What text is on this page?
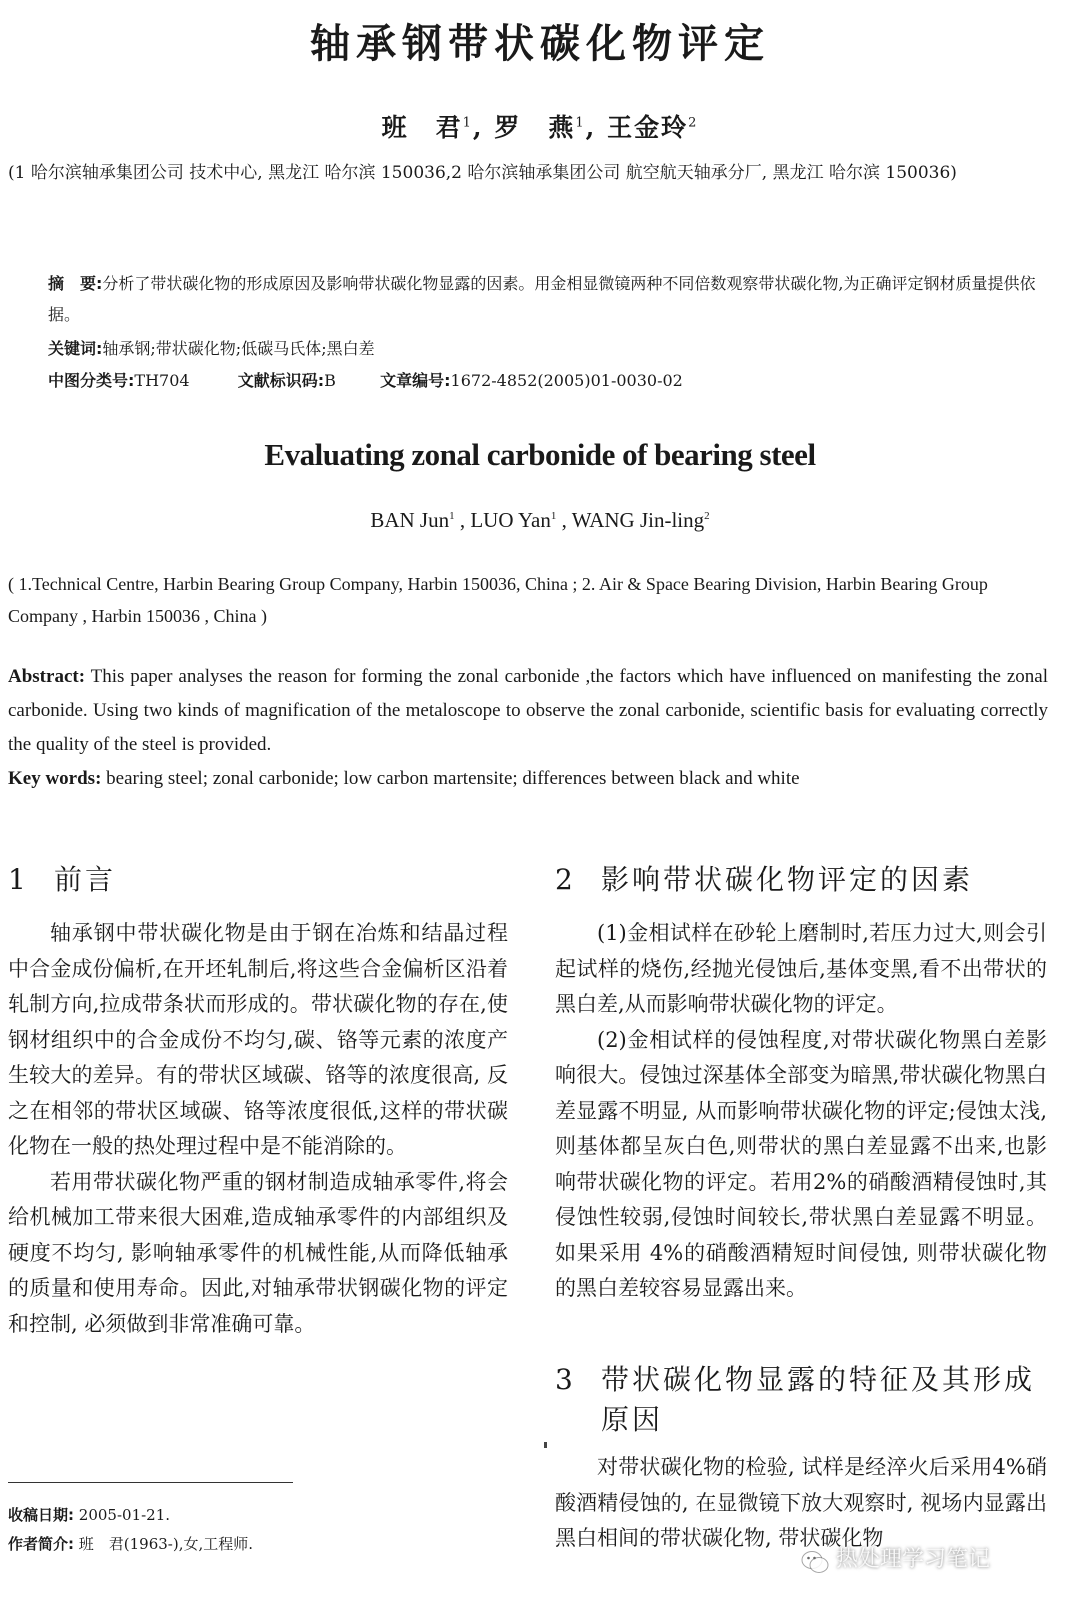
轴承钢带状碳化物评定
班　君$^1$, 罗　燕$^1$, 王金玲$^2$
(1 哈尔滨轴承集团公司 技术中心, 黑龙江 哈尔滨 150036,2 哈尔滨轴承集团公司 航空航天轴承分厂, 黑龙江 哈尔滨 150036)
摘　要:分析了带状碳化物的形成原因及影响带状碳化物显露的因素。用金相显微镜两种不同倍数观察带状碳化物,为正确评定钢材质量提供依据。
关键词:轴承钢;带状碳化物;低碳马氏体;黑白差
中图分类号:TH704	文献标识码:B	文章编号:1672-4852(2005)01-0030-02
Evaluating zonal carbonide of bearing steel
BAN Jun$^1$ , LUO Yan$^1$ , WANG Jin-ling$^2$
( 1.Technical Centre, Harbin Bearing Group Company, Harbin 150036, China ; 2. Air & Space Bearing Division, Harbin Bearing Group Company , Harbin 150036 , China )
Abstract: This paper analyses the reason for forming the zonal carbonide ,the factors which have influenced on manifesting the zonal carbonide. Using two kinds of magnification of the metaloscope to observe the zonal carbonide, scientific basis for evaluating correctly the quality of the steel is provided.
Key words: bearing steel; zonal carbonide; low carbon martensite; differences between black and white
1 前言

轴承钢中带状碳化物是由于钢在冶炼和结晶过程中合金成份偏析,在开坯轧制后,将这些合金偏析区沿着轧制方向,拉成带条状而形成的。带状碳化物的存在,使钢材组织中的合金成份不均匀,碳、铬等元素的浓度产生较大的差异。有的带状区域碳、铬等的浓度很高, 反之在相邻的带状区域碳、铬等浓度很低,这样的带状碳化物在一般的热处理过程中是不能消除的。

若用带状碳化物严重的钢材制造成轴承零件,将会给机械加工带来很大困难,造成轴承零件的内部组织及硬度不均匀, 影响轴承零件的机械性能,从而降低轴承的质量和使用寿命。因此,对轴承带状钢碳化物的评定和控制, 必须做到非常准确可靠。

2 影响带状碳化物评定的因素

(1)金相试样在砂轮上磨制时,若压力过大,则会引起试样的烧伤,经抛光侵蚀后,基体变黑,看不出带状的黑白差,从而影响带状碳化物的评定。

(2)金相试样的侵蚀程度,对带状碳化物黑白差影响很大。侵蚀过深基体全部变为暗黑,带状碳化物黑白差显露不明显, 从而影响带状碳化物的评定;侵蚀太浅,则基体都呈灰白色,则带状的黑白差显露不出来,也影响带状碳化物的评定。若用2%的硝酸酒精侵蚀时,其侵蚀性较弱,侵蚀时间较长,带状黑白差显露不明显。 如果采用 4%的硝酸酒精短时间侵蚀, 则带状碳化物的黑白差较容易显露出来。

3 带状碳化物显露的特征及其形成原因

对带状碳化物的检验, 试样是经淬火后采用4%硝酸酒精侵蚀的, 在显微镜下放大观察时, 视场内显露出黑白相间的带状碳化物, 带状碳化物

收稿日期: 2005-01-21.
作者简介: 班　君(1963-),女,工程师.
热处理学习笔记
